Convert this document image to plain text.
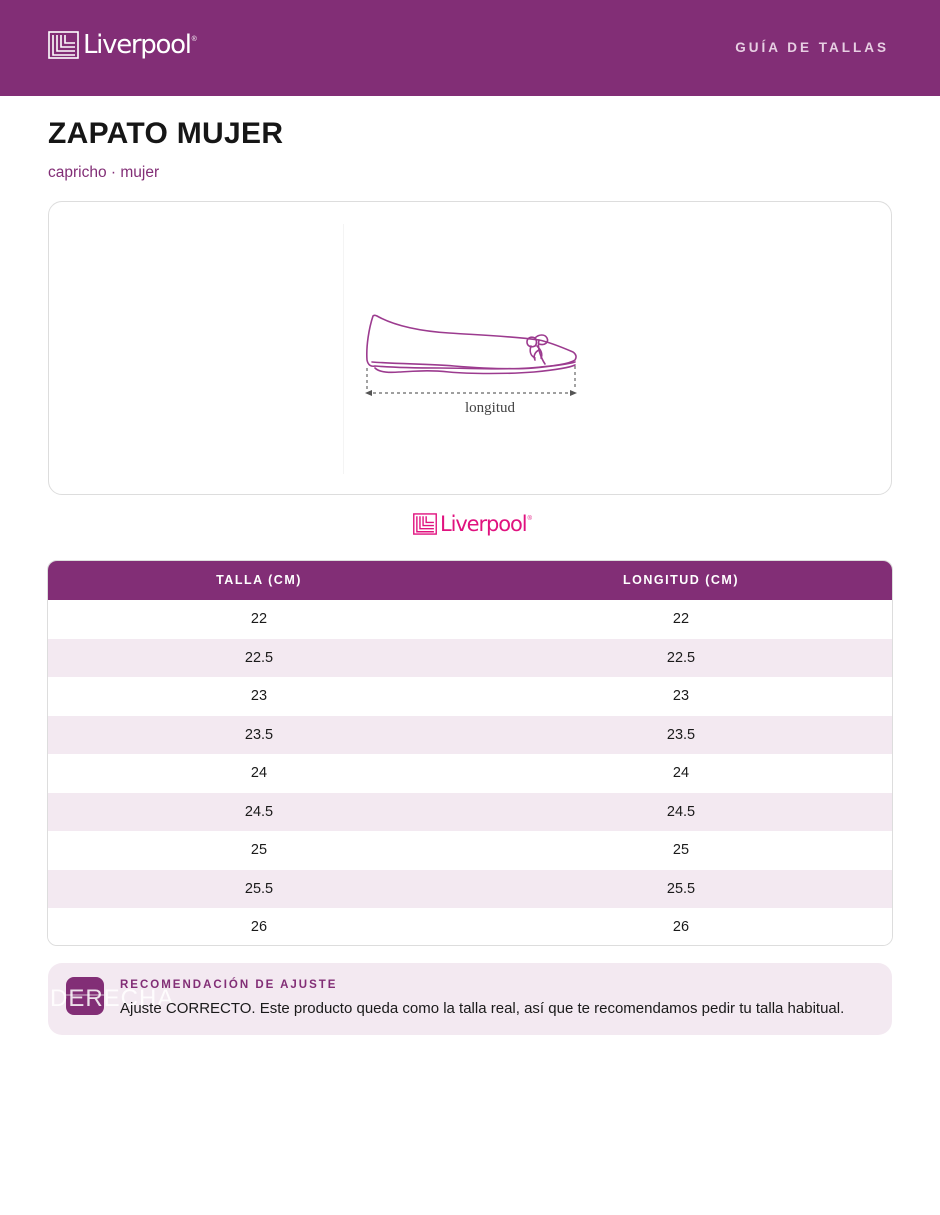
Liverpool ®
GUÍA DE TALLAS
ZAPATO MUJER
capricho · mujer
longitud
Liverpool ®
TALLA (CM)	LONGITUD (CM)
22	22
22.5	22.5
23	23
23.5	23.5
24	24
24.5	24.5
25	25
25.5	25.5
26	26
DERECHA
RECOMENDACIÓN DE AJUSTE
Ajuste CORRECTO. Este producto queda como la talla real, así que te recomendamos pedir tu talla habitual.
